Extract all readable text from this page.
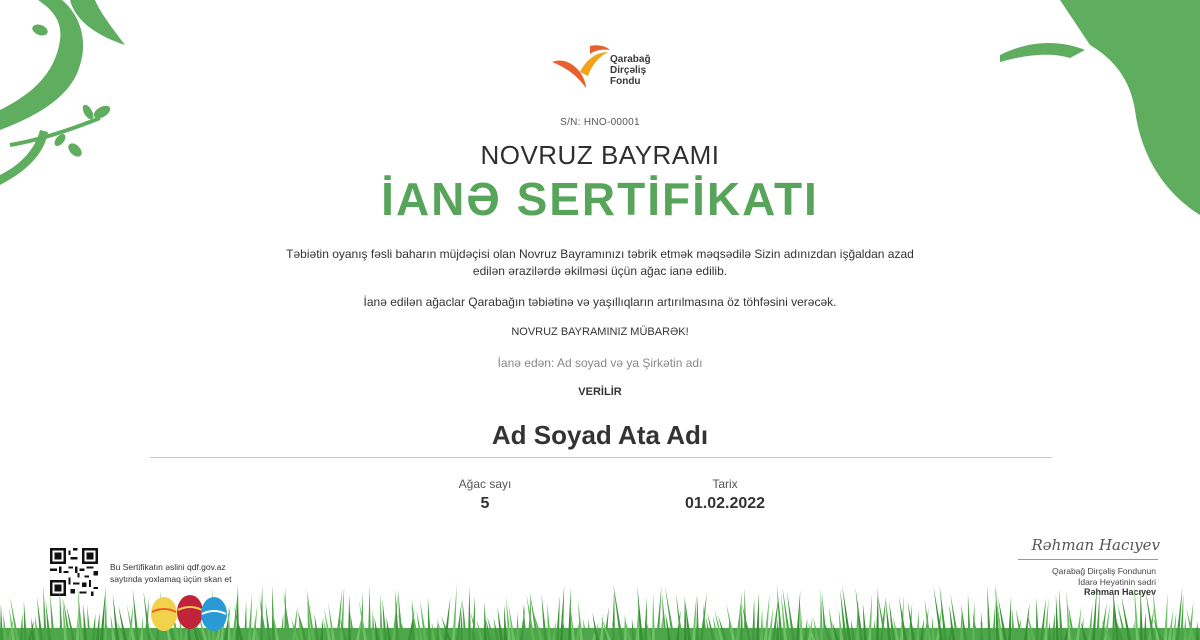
Qarabağ
Dirçəliş
Fondu
S/N: HNO-00001
NOVRUZ BAYRAMI
İANƏ SERTİFİKATI
Təbiətin oyanış fəsli baharın müjdəçisi olan Novruz Bayramınızı təbrik etmək məqsədilə Sizin adınızdan işğaldan azad edilən ərazilərdə əkilməsi üçün ağac ianə edilib.
İanə edilən ağaclar Qarabağın təbiətinə və yaşıllıqların artırılmasına öz töhfəsini verəcək.
NOVRUZ BAYRAMINIZ MÜBARƏK!
İanə edən: Ad soyad və ya Şirkətin adı
VERİLİR
Ad Soyad Ata Adı
Ağac sayı
5
Tarix
01.02.2022
Bu Sertifikatın əslini qdf.gov.az
saytında yoxlamaq üçün skan et
Rəhman Hacıyev
Qarabağ Dirçəliş Fondunun
İdarə Heyətinin sədri
Rəhman Hacıyev
